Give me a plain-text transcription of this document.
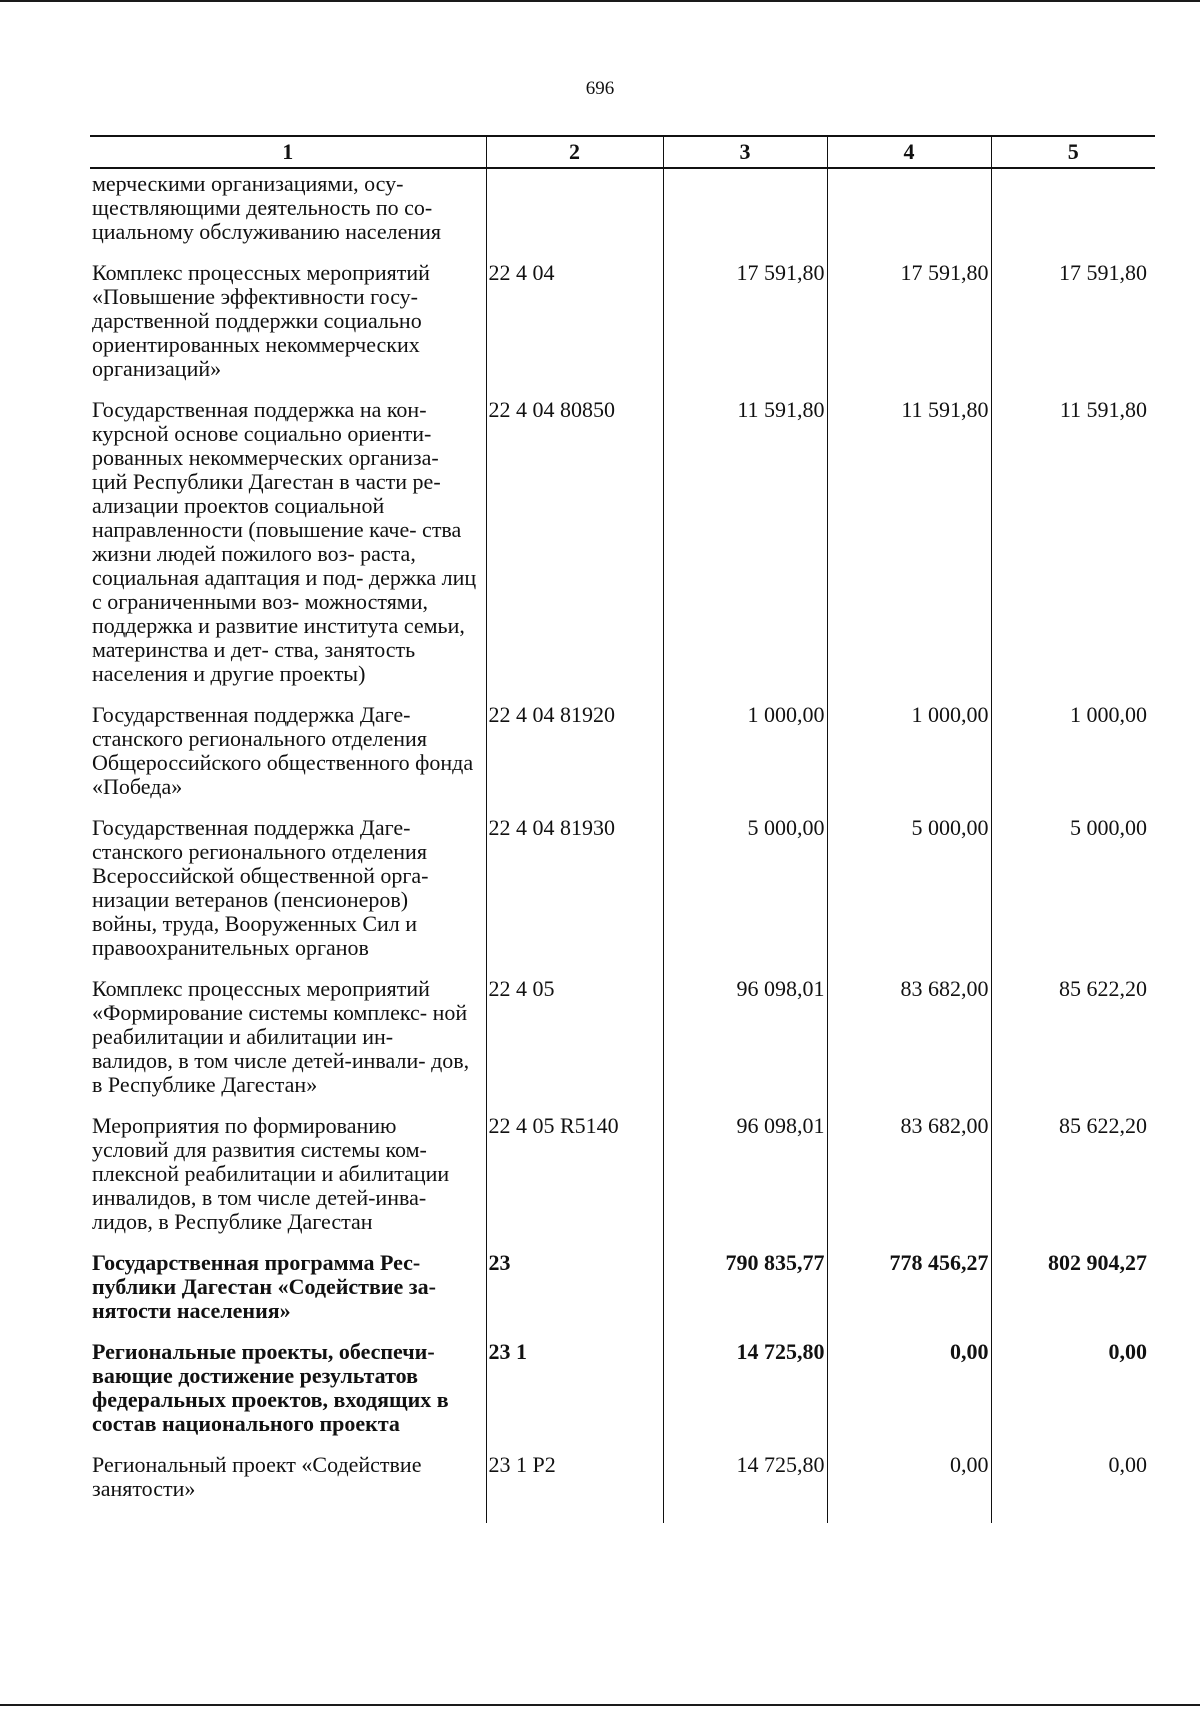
696
1	2	3	4	5
мерческими организациями, осу- ществляющими деятельность по со- циальному обслуживанию населения				
Комплекс процессных мероприятий «Повышение эффективности госу- дарственной поддержки социально ориентированных некоммерческих организаций»	22 4 04	17 591,80	17 591,80	17 591,80
Государственная поддержка на кон- курсной основе социально ориенти- рованных некоммерческих организа- ций Республики Дагестан в части ре- ализации проектов социальной направленности (повышение каче- ства жизни людей пожилого воз- раста, социальная адаптация и под- держка лиц с ограниченными воз- можностями, поддержка и развитие института семьи, материнства и дет- ства, занятость населения и другие проекты)	22 4 04 80850	11 591,80	11 591,80	11 591,80
Государственная поддержка Даге- станского регионального отделения Общероссийского общественного фонда «Победа»	22 4 04 81920	1 000,00	1 000,00	1 000,00
Государственная поддержка Даге- станского регионального отделения Всероссийской общественной орга- низации ветеранов (пенсионеров) войны, труда, Вооруженных Сил и правоохранительных органов	22 4 04 81930	5 000,00	5 000,00	5 000,00
Комплекс процессных мероприятий «Формирование системы комплекс- ной реабилитации и абилитации ин- валидов, в том числе детей-инвали- дов, в Республике Дагестан»	22 4 05	96 098,01	83 682,00	85 622,20
Мероприятия по формированию условий для развития системы ком- плексной реабилитации и абилитации инвалидов, в том числе детей-инва- лидов, в Республике Дагестан	22 4 05 R5140	96 098,01	83 682,00	85 622,20
Государственная программа Рес- публики Дагестан «Содействие за- нятости населения»	23	790 835,77	778 456,27	802 904,27
Региональные проекты, обеспечи- вающие достижение результатов федеральных проектов, входящих в состав национального проекта	23 1	14 725,80	0,00	0,00
Региональный проект «Содействие занятости»	23 1 P2	14 725,80	0,00	0,00
